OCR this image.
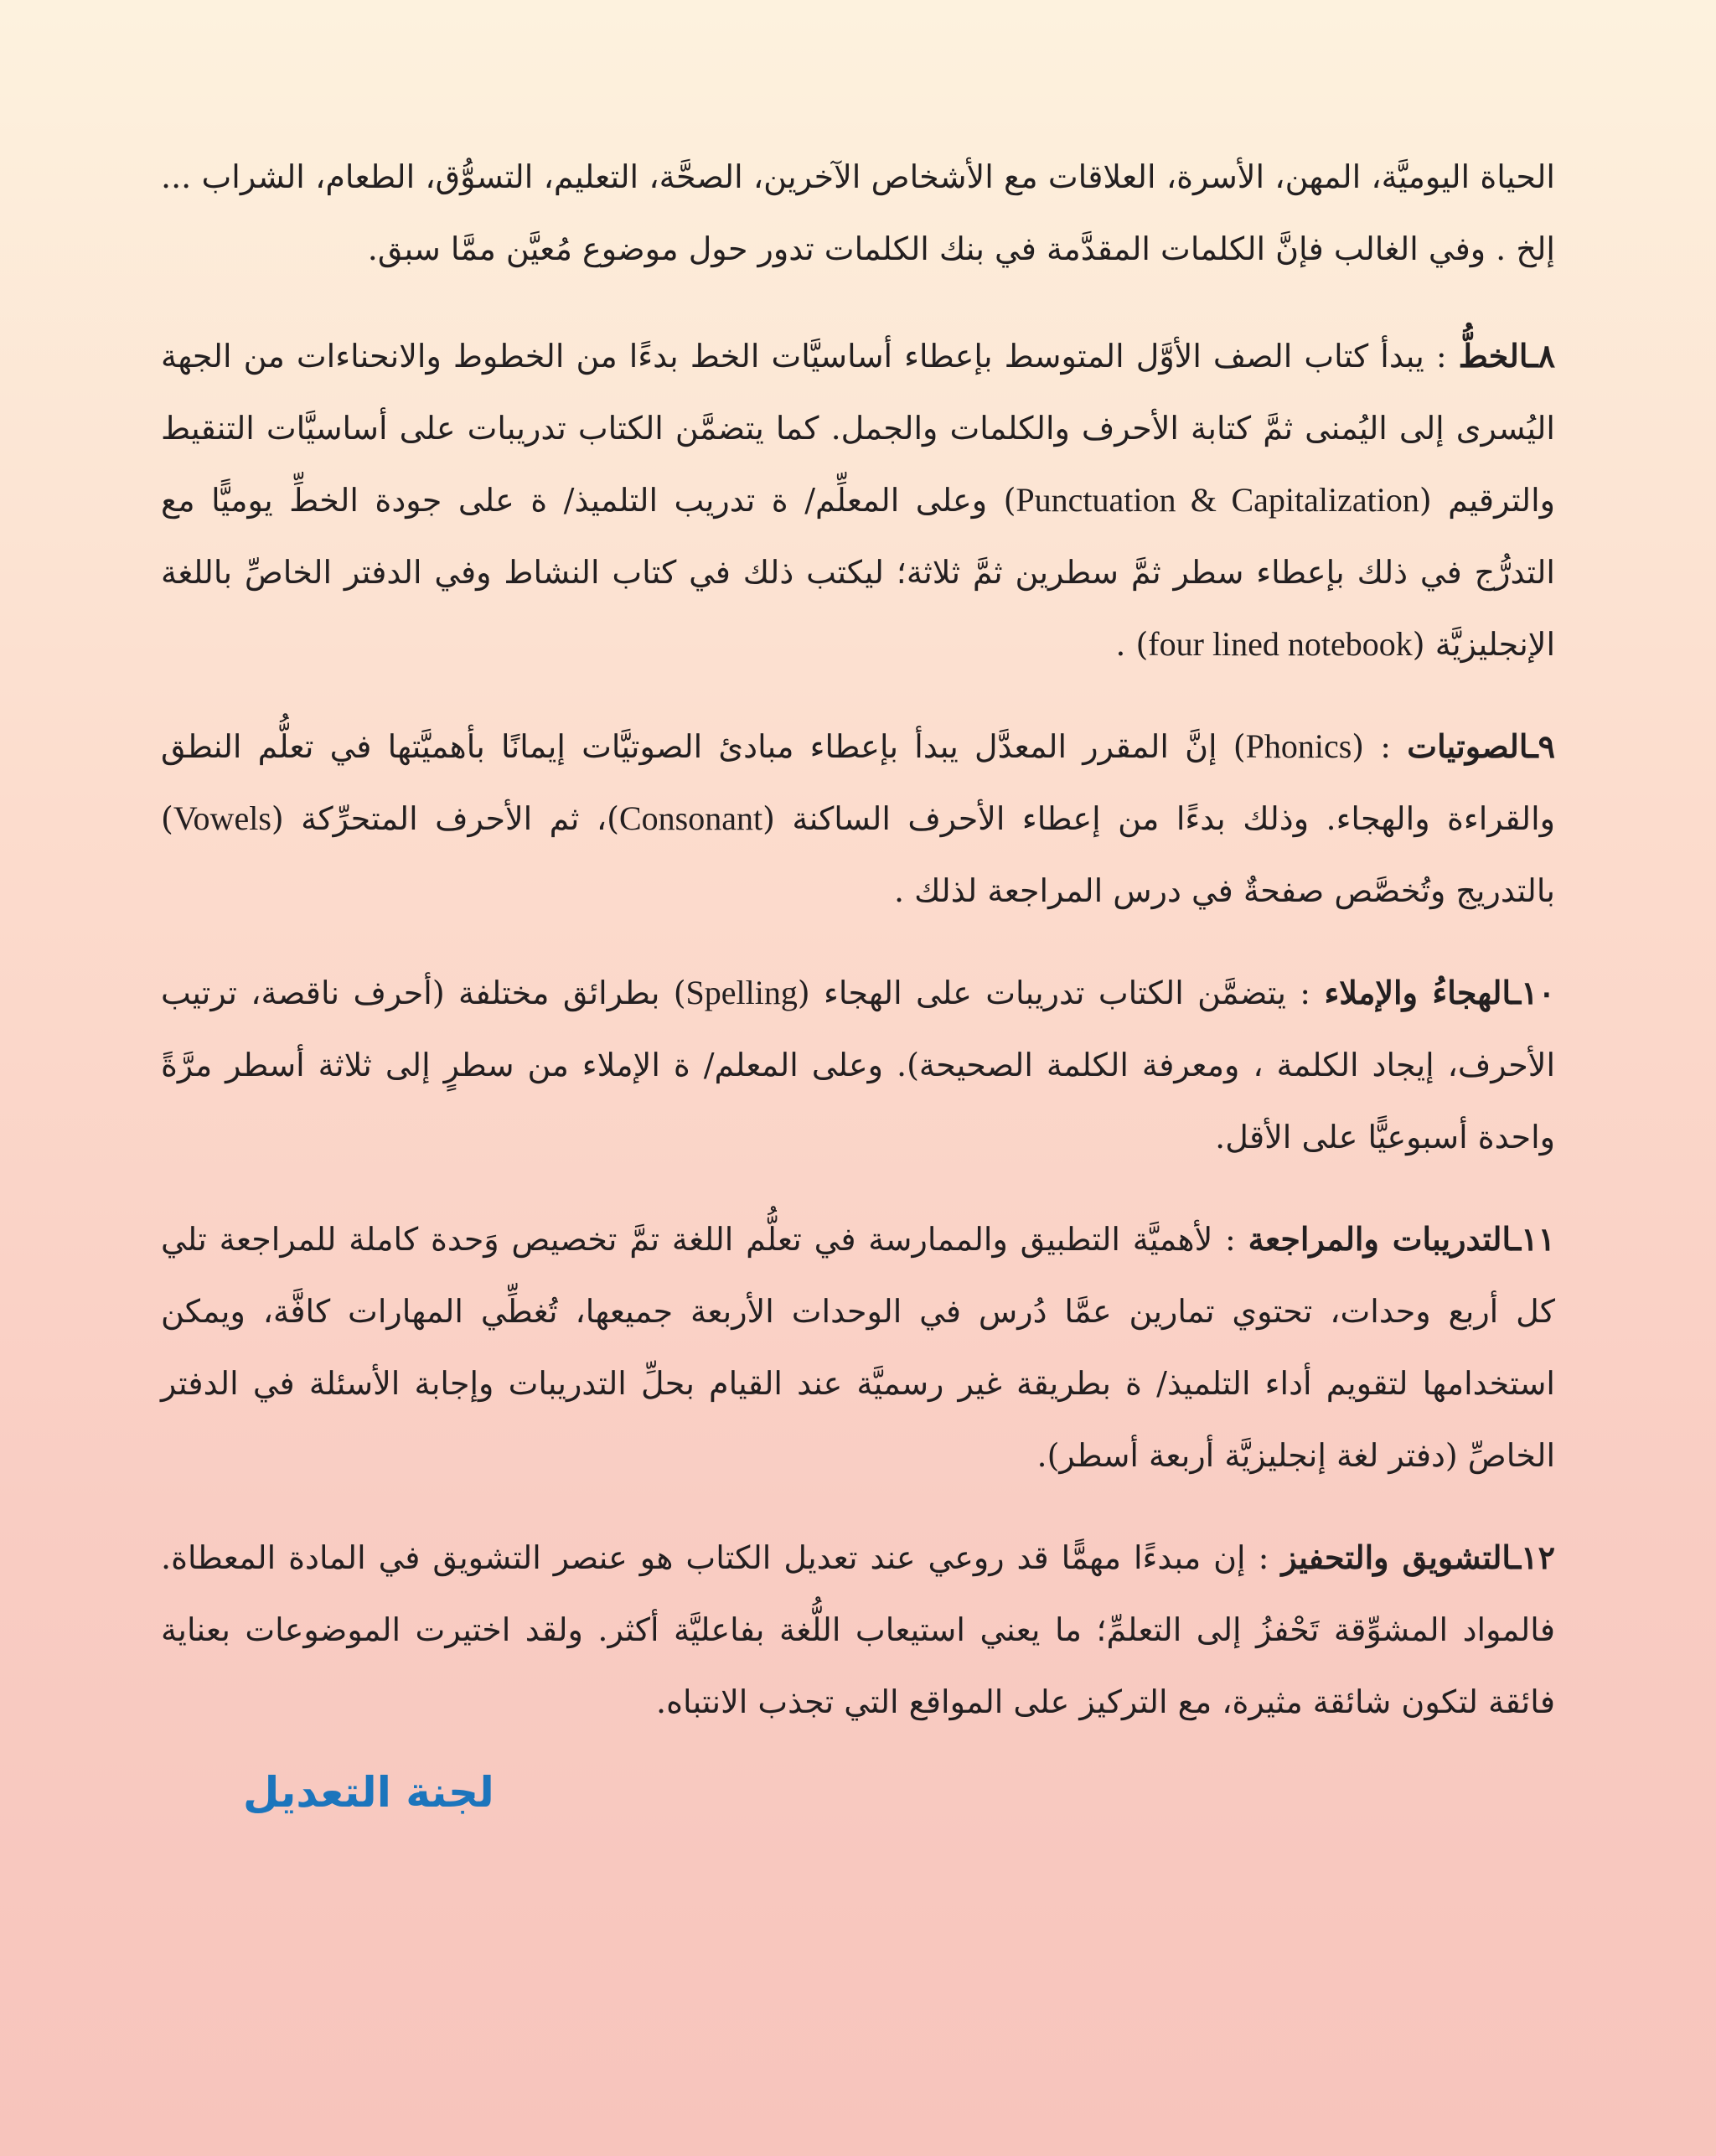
الحياة اليوميَّة، المهن، الأسرة، العلاقات مع الأشخاص الآخرين، الصحَّة، التعليم، التسوُّق، الطعام، الشراب ... إلخ . وفي الغالب فإنَّ الكلمات المقدَّمة في بنك الكلمات تدور حول موضوع مُعيَّن ممَّا سبق.

٨ـالخطُّ : يبدأ كتاب الصف الأوَّل المتوسط بإعطاء أساسيَّات الخط بدءًا من الخطوط والانحناءات من الجهة اليُسرى إلى اليُمنى ثمَّ كتابة الأحرف والكلمات والجمل. كما يتضمَّن الكتاب تدريبات على أساسيَّات التنقيط والترقيم (Punctuation & Capitalization) وعلى المعلِّم/ ة تدريب التلميذ/ ة على جودة الخطِّ يوميًّا مع التدرُّج في ذلك بإعطاء سطر ثمَّ سطرين ثمَّ ثلاثة؛ ليكتب ذلك في كتاب النشاط وفي الدفتر الخاصِّ باللغة الإنجليزيَّة (four lined notebook) .

٩ـالصوتيات : (Phonics) إنَّ المقرر المعدَّل يبدأ بإعطاء مبادئ الصوتيَّات إيمانًا بأهميَّتها في تعلُّم النطق والقراءة والهجاء. وذلك بدءًا من إعطاء الأحرف الساكنة (Consonant)، ثم الأحرف المتحرِّكة (Vowels) بالتدريج وتُخصَّص صفحةٌ في درس المراجعة لذلك .

١٠ـالهجاءُ والإملاء : يتضمَّن الكتاب تدريبات على الهجاء (Spelling) بطرائق مختلفة (أحرف ناقصة، ترتيب الأحرف، إيجاد الكلمة ، ومعرفة الكلمة الصحيحة). وعلى المعلم/ ة الإملاء من سطرٍ إلى ثلاثة أسطر مرَّةً واحدة أسبوعيًّا على الأقل.

١١ـالتدريبات والمراجعة : لأهميَّة التطبيق والممارسة في تعلُّم اللغة تمَّ تخصيص وَحدة كاملة للمراجعة تلي كل أربع وحدات، تحتوي تمارين عمَّا دُرس في الوحدات الأربعة جميعها، تُغطِّي المهارات كافَّة، ويمكن استخدامها لتقويم أداء التلميذ/ ة بطريقة غير رسميَّة عند القيام بحلِّ التدريبات وإجابة الأسئلة في الدفتر الخاصِّ (دفتر لغة إنجليزيَّة أربعة أسطر).

١٢ـالتشويق والتحفيز : إن مبدءًا مهمًّا قد روعي عند تعديل الكتاب هو عنصر التشويق في المادة المعطاة. فالمواد المشوِّقة تَحْفزُ إلى التعلمِّ؛ ما يعني استيعاب اللُّغة بفاعليَّة أكثر. ولقد اختيرت الموضوعات بعناية فائقة لتكون شائقة مثيرة، مع التركيز على المواقع التي تجذب الانتباه.

لجنة التعديل
